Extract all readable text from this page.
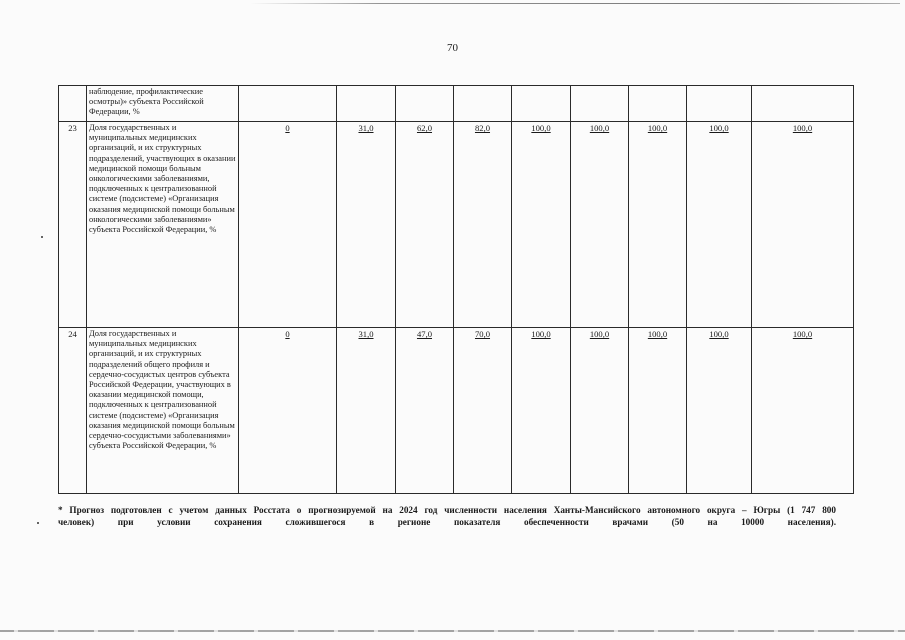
70
	наблюдение, профилактические осмотры)» субъекта Российской Федерации, %									
23	Доля государственных и муниципальных медицинских организаций, и их структурных подразделений, участвующих в оказании медицинской помощи больным онкологическими заболеваниями, подключенных к централизованной системе (подсистеме) «Организация оказания медицинской помощи больным онкологическими заболеваниями» субъекта Российской Федерации, %	0	31,0	62,0	82,0	100,0	100,0	100,0	100,0	100,0
24	Доля государственных и муниципальных медицинских организаций, и их структурных подразделений общего профиля и сердечно-сосудистых центров субъекта Российской Федерации, участвующих в оказании медицинской помощи, подключенных к централизованной системе (подсистеме) «Организация оказания медицинской помощи больным сердечно-сосудистыми заболеваниями» субъекта Российской Федерации, %	0	31,0	47,0	70,0	100,0	100,0	100,0	100,0	100,0
* Прогноз подготовлен с учетом данных Росстата о прогнозируемой на 2024 год численности населения Ханты-Мансийского автономного округа – Югры (1 747 800
человек) при условии сохранения сложившегося в регионе показателя обеспеченности врачами (50 на 10000 населения).
